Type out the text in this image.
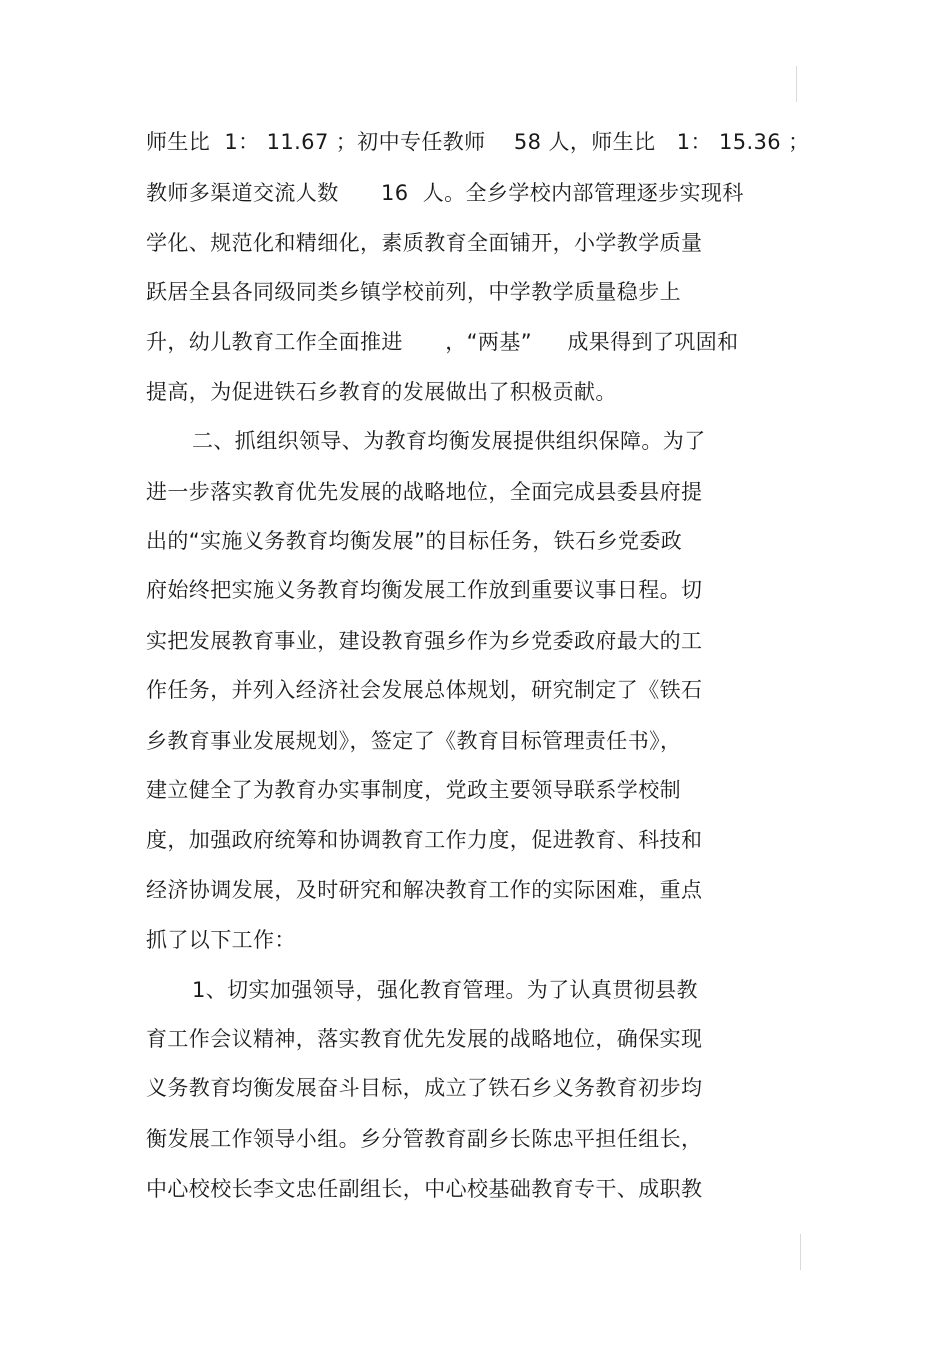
师生比  1： 11.67 ；初中专任教师    58 人，师生比   1： 15.36 ；
教师多渠道交流人数      16  人。全乡学校内部管理逐步实现科
学化、规范化和精细化，素质教育全面铺开，小学教学质量
跃居全县各同级同类乡镇学校前列，中学教学质量稳步上
升，幼儿教育工作全面推进      ，“两基”     成果得到了巩固和
提高，为促进铁石乡教育的发展做出了积极贡献。
二、抓组织领导、为教育均衡发展提供组织保障。为了
进一步落实教育优先发展的战略地位，全面完成县委县府提
出的“实施义务教育均衡发展”的目标任务，铁石乡党委政
府始终把实施义务教育均衡发展工作放到重要议事日程。切
实把发展教育事业，建设教育强乡作为乡党委政府最大的工
作任务，并列入经济社会发展总体规划，研究制定了《铁石
乡教育事业发展规划》，签定了《教育目标管理责任书》，
建立健全了为教育办实事制度，党政主要领导联系学校制
度，加强政府统筹和协调教育工作力度，促进教育、科技和
经济协调发展，及时研究和解决教育工作的实际困难，重点
抓了以下工作：
1、切实加强领导，强化教育管理。为了认真贯彻县教
育工作会议精神，落实教育优先发展的战略地位，确保实现
义务教育均衡发展奋斗目标，成立了铁石乡义务教育初步均
衡发展工作领导小组。乡分管教育副乡长陈忠平担任组长，
中心校校长李文忠任副组长，中心校基础教育专干、成职教
